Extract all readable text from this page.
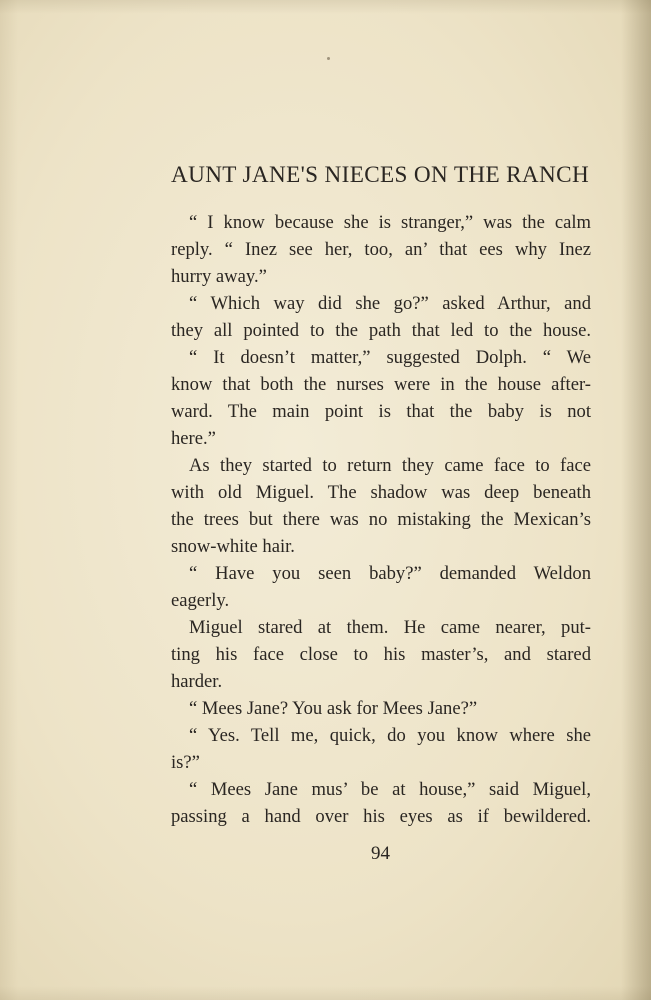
AUNT JANE'S NIECES ON THE RANCH
“ I know because she is stranger,” was the calm
reply. “ Inez see her, too, an’ that ees why Inez
hurry away.”
“ Which way did she go?” asked Arthur, and
they all pointed to the path that led to the house.
“ It doesn’t matter,” suggested Dolph. “ We
know that both the nurses were in the house after-
ward. The main point is that the baby is not
here.”
As they started to return they came face to face
with old Miguel. The shadow was deep beneath
the trees but there was no mistaking the Mexican’s
snow-white hair.
“ Have you seen baby?” demanded Weldon
eagerly.
Miguel stared at them. He came nearer, put-
ting his face close to his master’s, and stared
harder.
“ Mees Jane? You ask for Mees Jane?”
“ Yes. Tell me, quick, do you know where she
is?”
“ Mees Jane mus’ be at house,” said Miguel,
passing a hand over his eyes as if bewildered.
94
